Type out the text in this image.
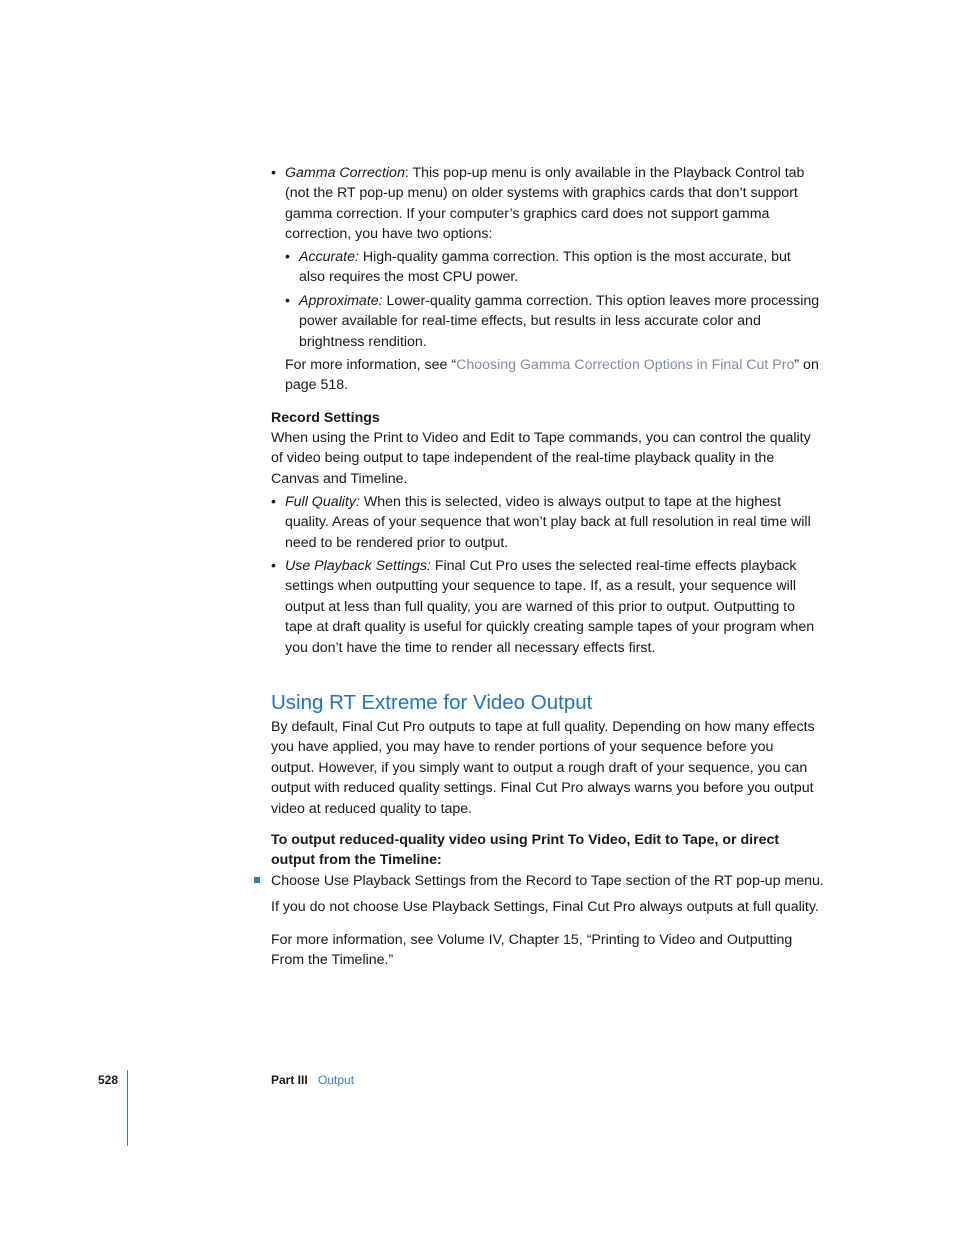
• Gamma Correction: This pop-up menu is only available in the Playback Control tab
(not the RT pop-up menu) on older systems with graphics cards that don’t support
gamma correction. If your computer’s graphics card does not support gamma
correction, you have two options:
• Accurate: High-quality gamma correction. This option is the most accurate, but
also requires the most CPU power.
• Approximate: Lower-quality gamma correction. This option leaves more processing
power available for real-time effects, but results in less accurate color and
brightness rendition.
For more information, see “Choosing Gamma Correction Options in Final Cut Pro” on
page 518.
Record Settings
When using the Print to Video and Edit to Tape commands, you can control the quality
of video being output to tape independent of the real-time playback quality in the
Canvas and Timeline.
• Full Quality: When this is selected, video is always output to tape at the highest
quality. Areas of your sequence that won’t play back at full resolution in real time will
need to be rendered prior to output.
• Use Playback Settings: Final Cut Pro uses the selected real-time effects playback
settings when outputting your sequence to tape. If, as a result, your sequence will
output at less than full quality, you are warned of this prior to output. Outputting to
tape at draft quality is useful for quickly creating sample tapes of your program when
you don’t have the time to render all necessary effects first.
Using RT Extreme for Video Output
By default, Final Cut Pro outputs to tape at full quality. Depending on how many effects
you have applied, you may have to render portions of your sequence before you
output. However, if you simply want to output a rough draft of your sequence, you can
output with reduced quality settings. Final Cut Pro always warns you before you output
video at reduced quality to tape.
To output reduced-quality video using Print To Video, Edit to Tape, or direct
output from the Timeline:
Choose Use Playback Settings from the Record to Tape section of the RT pop-up menu.
If you do not choose Use Playback Settings, Final Cut Pro always outputs at full quality.
For more information, see Volume IV, Chapter 15, “Printing to Video and Outputting
From the Timeline.”
528	Part III Output
